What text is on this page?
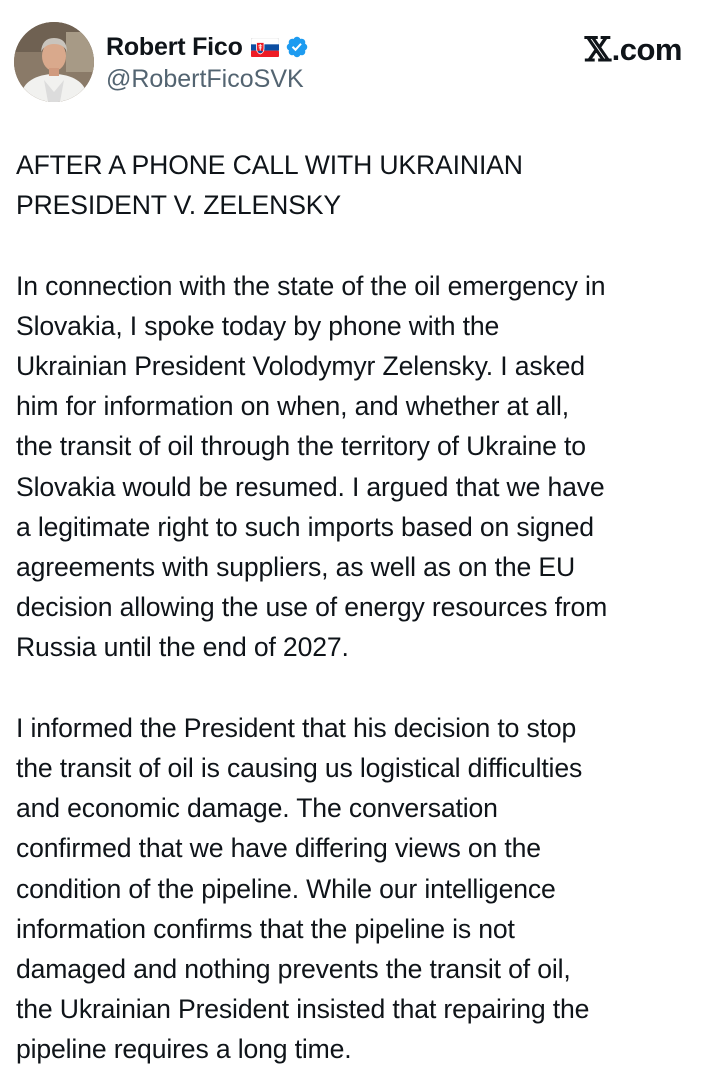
Robert Fico
@RobertFicoSVK
𝕏 .com

AFTER A PHONE CALL WITH UKRAINIAN
PRESIDENT V. ZELENSKY

In connection with the state of the oil emergency in
Slovakia, I spoke today by phone with the
Ukrainian President Volodymyr Zelensky. I asked
him for information on when, and whether at all,
the transit of oil through the territory of Ukraine to
Slovakia would be resumed. I argued that we have
a legitimate right to such imports based on signed
agreements with suppliers, as well as on the EU
decision allowing the use of energy resources from
Russia until the end of 2027.

I informed the President that his decision to stop
the transit of oil is causing us logistical difficulties
and economic damage. The conversation
confirmed that we have differing views on the
condition of the pipeline. While our intelligence
information confirms that the pipeline is not
damaged and nothing prevents the transit of oil,
the Ukrainian President insisted that repairing the
pipeline requires a long time.
